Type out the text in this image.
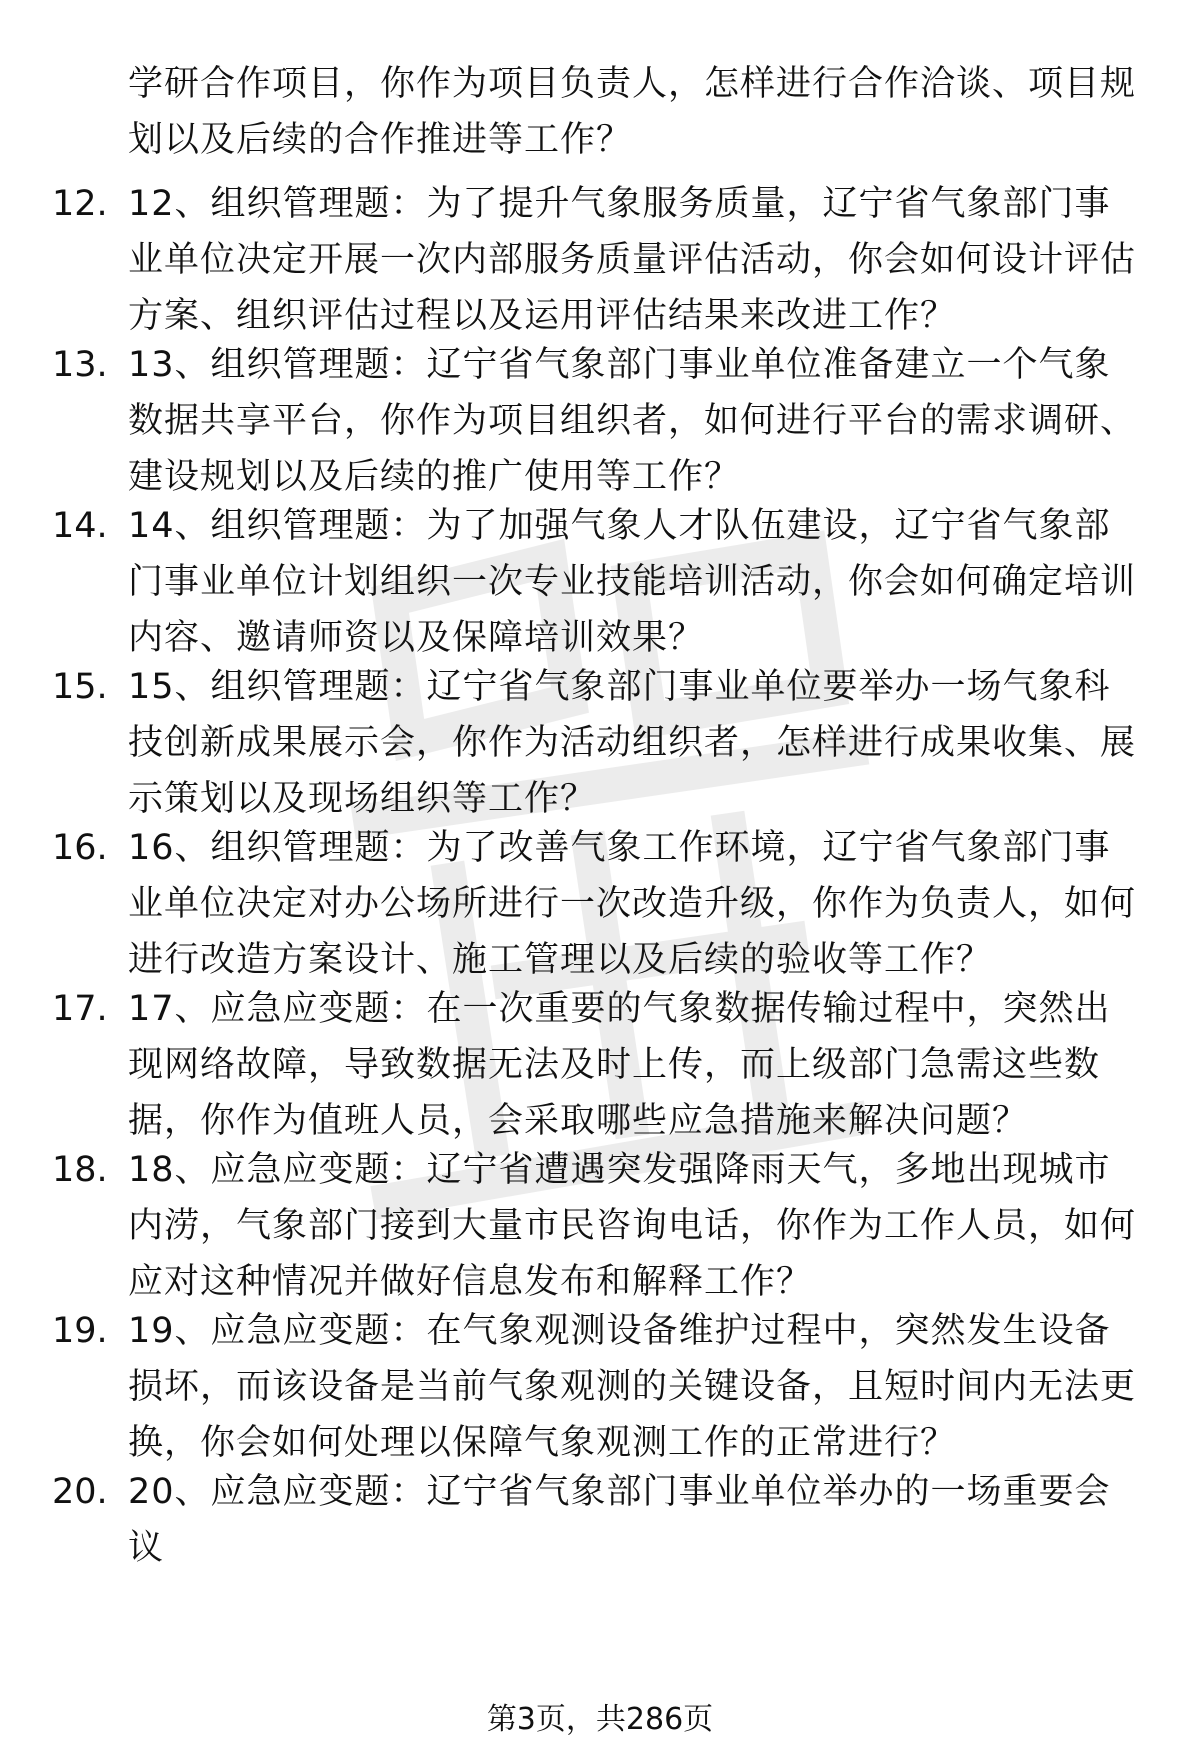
学研合作项目，你作为项目负责人，怎样进行合作洽谈、项目规划以及后续的合作推进等工作？

12. 12、组织管理题：为了提升气象服务质量，辽宁省气象部门事业单位决定开展一次内部服务质量评估活动，你会如何设计评估方案、组织评估过程以及运用评估结果来改进工作？

13. 13、组织管理题：辽宁省气象部门事业单位准备建立一个气象数据共享平台，你作为项目组织者，如何进行平台的需求调研、建设规划以及后续的推广使用等工作？

14. 14、组织管理题：为了加强气象人才队伍建设，辽宁省气象部门事业单位计划组织一次专业技能培训活动，你会如何确定培训内容、邀请师资以及保障培训效果？

15. 15、组织管理题：辽宁省气象部门事业单位要举办一场气象科技创新成果展示会，你作为活动组织者，怎样进行成果收集、展示策划以及现场组织等工作？

16. 16、组织管理题：为了改善气象工作环境，辽宁省气象部门事业单位决定对办公场所进行一次改造升级，你作为负责人，如何进行改造方案设计、施工管理以及后续的验收等工作？

17. 17、应急应变题：在一次重要的气象数据传输过程中，突然出现网络故障，导致数据无法及时上传，而上级部门急需这些数据，你作为值班人员，会采取哪些应急措施来解决问题？

18. 18、应急应变题：辽宁省遭遇突发强降雨天气，多地出现城市内涝，气象部门接到大量市民咨询电话，你作为工作人员，如何应对这种情况并做好信息发布和解释工作？

19. 19、应急应变题：在气象观测设备维护过程中，突然发生设备损坏，而该设备是当前气象观测的关键设备，且短时间内无法更换，你会如何处理以保障气象观测工作的正常进行？

20. 20、应急应变题：辽宁省气象部门事业单位举办的一场重要会议

第3页，共286页
